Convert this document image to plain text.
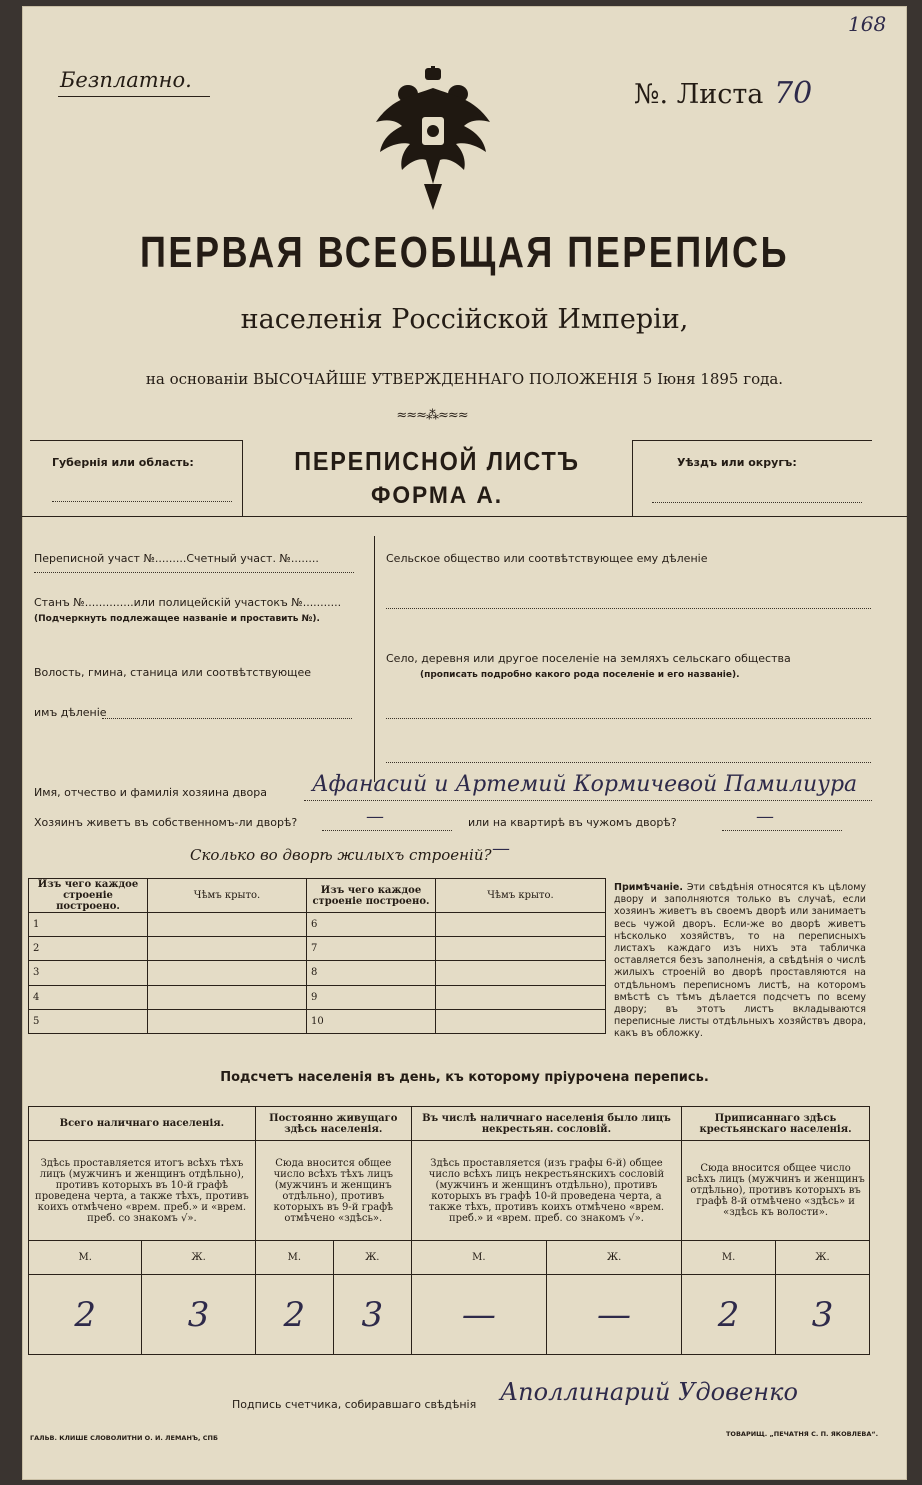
168
Безплатно.	№. Листа 70
ПЕРВАЯ ВСЕОБЩАЯ ПЕРЕПИСЬ
населенія Россійской Имперіи,
на основаніи ВЫСОЧАЙШЕ УТВЕРЖДЕННАГО ПОЛОЖЕНІЯ 5 Іюня 1895 года.
≈≈≈⁂≈≈≈
Губернія или область:	ПЕРЕПИСНОЙ ЛИСТЪ
ФОРМА А.
Уѣздъ или округъ:
Переписной участ №.........Счетный участ. №........
Станъ №..............или полицейскій участокъ №...........
(Подчеркнуть подлежащее названіе и проставить №).
Волость, гмина, станица или соотвѣтствующее
имъ дѣленіе
Сельское общество или соотвѣтствующее ему дѣленіе
Село, деревня или другое поселеніе на земляхъ сельскаго общества
(прописать подробно какого рода поселеніе и его названіе).
Имя, отчество и фамилія хозяина двора Афанасий и Артемий Кормичевой Памилиура
Хозяинъ живетъ въ собственномъ-ли дворѣ?	—	или на квартирѣ въ чужомъ дворѣ?	—
Сколько во дворѣ жилыхъ строеній? —
Изъ чего каждое строеніе построено.	Чѣмъ крыто.	Изъ чего каждое строеніе построено.	Чѣмъ крыто.
1		6	
2		7	
3		8	
4		9	
5		10	
Примѣчаніе. Эти свѣдѣнія относятся къ цѣлому двору и заполняются только въ случаѣ, если хозяинъ живетъ въ своемъ дворѣ или занимаетъ весь чужой дворъ. Если-же во дворѣ живетъ нѣсколько хозяйствъ, то на переписныхъ листахъ каждаго изъ нихъ эта табличка оставляется безъ заполненія, а свѣдѣнія о числѣ жилыхъ строеній во дворѣ проставляются на отдѣльномъ переписномъ листѣ, на которомъ вмѣстѣ съ тѣмъ дѣлается подсчетъ по всему двору; въ этотъ листъ вкладываются переписные листы отдѣльныхъ хозяйствъ двора, какъ въ обложку.
Подсчетъ населенія въ день, къ которому пріурочена перепись.
Всего наличнаго населенія.		Постоянно живущаго здѣсь населенія.		Въ числѣ наличнаго населенія было лицъ некрестьян. сословій.		Приписаннаго здѣсь крестьянскаго населенія.	
Здѣсь проставляется итогъ всѣхъ тѣхъ лицъ (мужчинъ и женщинъ отдѣльно), противъ которыхъ въ 10-й графѣ проведена черта, а также тѣхъ, противъ коихъ отмѣчено «врем. преб.» и «врем. преб. со знакомъ √».		Сюда вносится общее число всѣхъ тѣхъ лицъ (мужчинъ и женщинъ отдѣльно), противъ которыхъ въ 9-й графѣ отмѣчено «здѣсь».		Здѣсь проставляется (изъ графы 6-й) общее число всѣхъ лицъ некрестьянскихъ сословій (мужчинъ и женщинъ отдѣльно), противъ которыхъ въ графѣ 10-й проведена черта, а также тѣхъ, противъ коихъ отмѣчено «врем. преб.» и «врем. преб. со знакомъ √».		Сюда вносится общее число всѣхъ лицъ (мужчинъ и женщинъ отдѣльно), противъ которыхъ въ графѣ 8-й отмѣчено «здѣсь» и «здѣсь къ волости».	
М.	Ж.	М.	Ж.	М.	Ж.	М.	Ж.
2	3	2	3	—	—	2	3
Подпись счетчика, собиравшаго свѣдѣнія Аполлинарий Удовенко
ГАЛЬВ. КЛИШЕ СЛОВОЛИТНИ О. И. ЛЕМАНЪ, СПБ	ТОВАРИЩ. „ПЕЧАТНЯ С. П. ЯКОВЛЕВА“.
